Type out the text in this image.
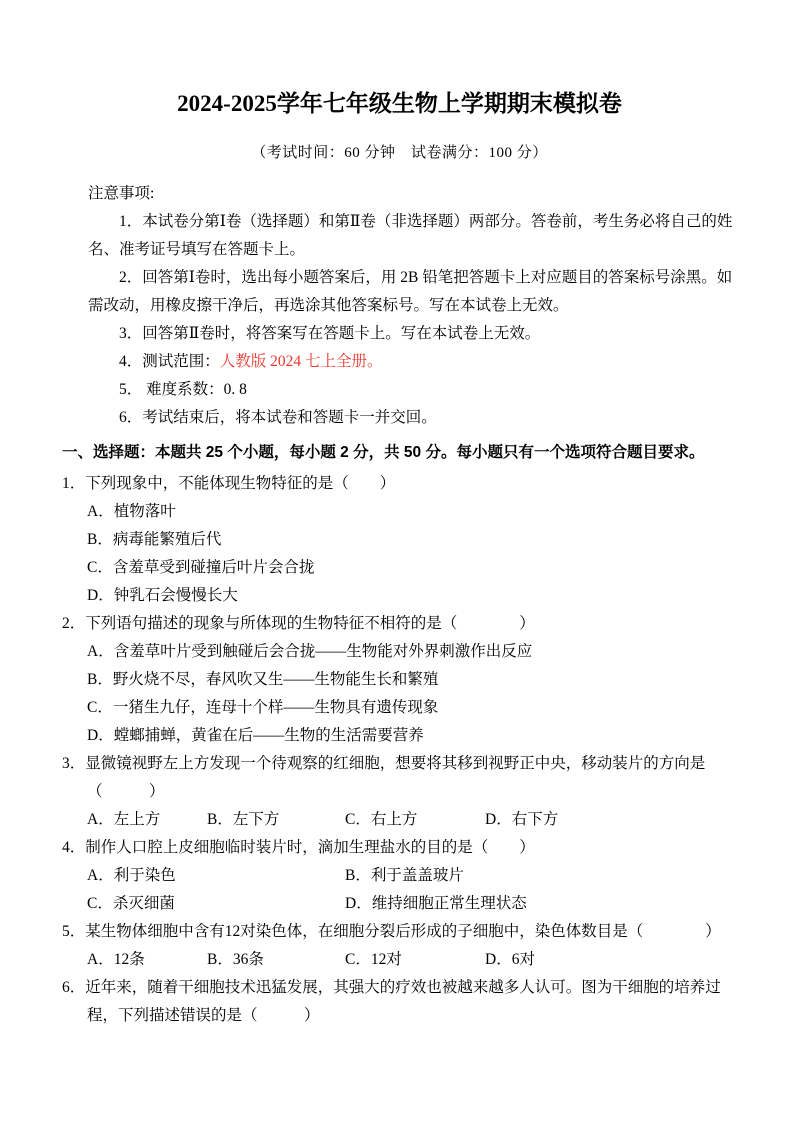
2024-2025学年七年级生物上学期期末模拟卷
（考试时间：60 分钟　试卷满分：100 分）

注意事项:

1．本试卷分第Ⅰ卷（选择题）和第Ⅱ卷（非选择题）两部分。答卷前，考生务必将自己的姓名、准考证号填写在答题卡上。

2．回答第Ⅰ卷时，选出每小题答案后，用 2B 铅笔把答题卡上对应题目的答案标号涂黑。如需改动，用橡皮擦干净后，再选涂其他答案标号。写在本试卷上无效。

3．回答第Ⅱ卷时，将答案写在答题卡上。写在本试卷上无效。

4．测试范围：人教版 2024 七上全册。

5． 难度系数：0. 8

6．考试结束后，将本试卷和答题卡一并交回。

一、选择题：本题共 25 个小题，每小题 2 分，共 50 分。每小题只有一个选项符合题目要求。

1．下列现象中，不能体现生物特征的是（　　）

A．植物落叶

B．病毒能繁殖后代

C．含羞草受到碰撞后叶片会合拢

D．钟乳石会慢慢长大

2．下列语句描述的现象与所体现的生物特征不相符的是（　　　　）

A．含羞草叶片受到触碰后会合拢——生物能对外界刺激作出反应

B．野火烧不尽，春风吹又生——生物能生长和繁殖

C．一猪生九仔，连母十个样——生物具有遗传现象

D．螳螂捕蝉，黄雀在后——生物的生活需要营养

3．显微镜视野左上方发现一个待观察的红细胞，想要将其移到视野正中央，移动装片的方向是（　　　）

A．左上方	B．左下方	C．右上方	D．右下方

4．制作人口腔上皮细胞临时装片时，滴加生理盐水的目的是（　　）

A．利于染色	B．利于盖盖玻片

C．杀灭细菌	D．维持细胞正常生理状态

5．某生物体细胞中含有12对染色体，在细胞分裂后形成的子细胞中，染色体数目是（　　　　）

A．12条	B．36条	C．12对	D．6对

6．近年来，随着干细胞技术迅猛发展，其强大的疗效也被越来越多人认可。图为干细胞的培养过程，下列描述错误的是（　　　）
